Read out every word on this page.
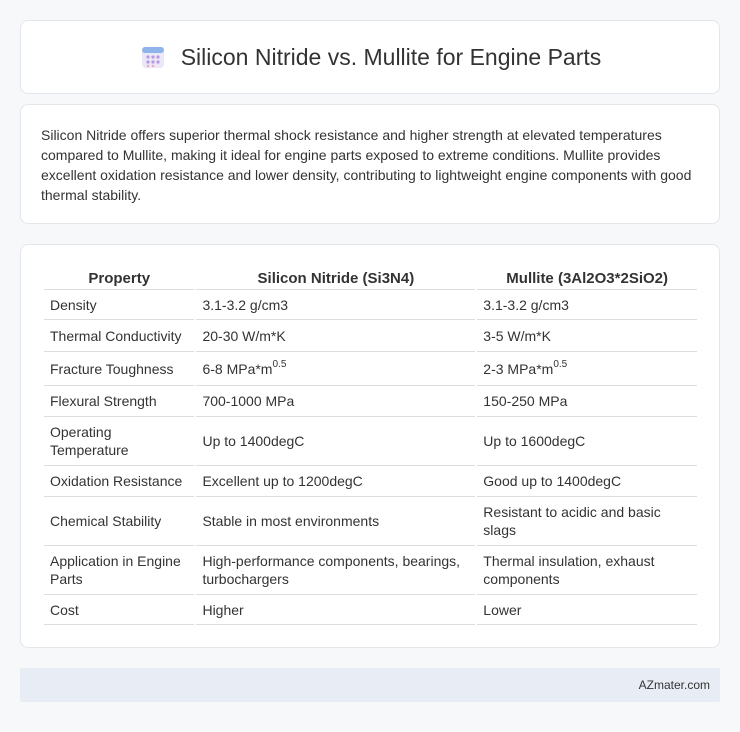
Silicon Nitride vs. Mullite for Engine Parts

Silicon Nitride offers superior thermal shock resistance and higher strength at elevated temperatures compared to Mullite, making it ideal for engine parts exposed to extreme conditions. Mullite provides excellent oxidation resistance and lower density, contributing to lightweight engine components with good thermal stability.

Property	Silicon Nitride (Si3N4)	Mullite (3Al2O3*2SiO2)
Density	3.1-3.2 g/cm3	3.1-3.2 g/cm3
Thermal Conductivity	20-30 W/m*K	3-5 W/m*K
Fracture Toughness	6-8 $MPa*m^{0.5}$	2-3 $MPa*m^{0.5}$
Flexural Strength	700-1000 MPa	150-250 MPa
Operating Temperature	Up to 1400degC	Up to 1600degC
Oxidation Resistance	Excellent up to 1200degC	Good up to 1400degC
Chemical Stability	Stable in most environments	Resistant to acidic and basic slags
Application in Engine Parts	High-performance components, bearings, turbochargers	Thermal insulation, exhaust components
Cost	Higher	Lower
AZmater.com
